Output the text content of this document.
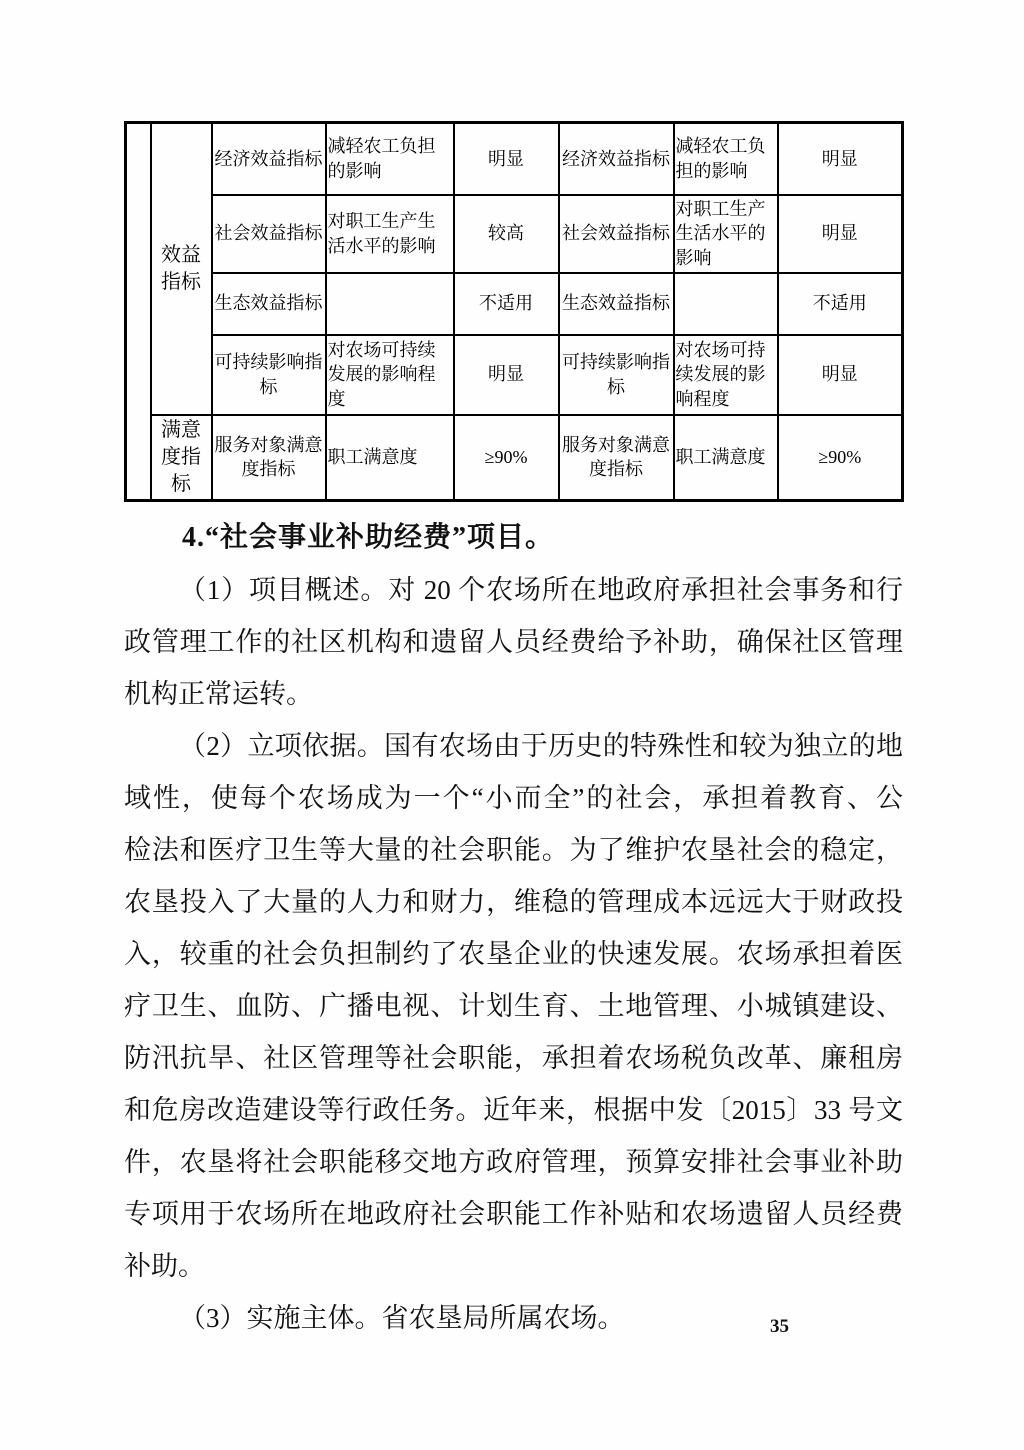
	效益指标	经济效益指标	减轻农工负担的影响	明显	经济效益指标	减轻农工负担的影响	明显
		社会效益指标	对职工生产生活水平的影响	较高	社会效益指标	对职工生产生活水平的影响	明显
		生态效益指标		不适用	生态效益指标		不适用
		可持续影响指标	对农场可持续发展的影响程度	明显	可持续影响指标	对农场可持续发展的影响程度	明显
	满意度指标	服务对象满意度指标	职工满意度	≥90%	服务对象满意度指标	职工满意度	≥90%
4.“社会事业补助经费”项目。
（1）项目概述。对 20 个农场所在地政府承担社会事务和行
政管理工作的社区机构和遗留人员经费给予补助，确保社区管理
机构正常运转。
（2）立项依据。国有农场由于历史的特殊性和较为独立的地
域性，使每个农场成为一个“小而全”的社会，承担着教育、公
检法和医疗卫生等大量的社会职能。为了维护农垦社会的稳定，
农垦投入了大量的人力和财力，维稳的管理成本远远大于财政投
入，较重的社会负担制约了农垦企业的快速发展。农场承担着医
疗卫生、血防、广播电视、计划生育、土地管理、小城镇建设、
防汛抗旱、社区管理等社会职能，承担着农场税负改革、廉租房
和危房改造建设等行政任务。近年来，根据中发〔2015〕33 号文
件，农垦将社会职能移交地方政府管理，预算安排社会事业补助
专项用于农场所在地政府社会职能工作补贴和农场遗留人员经费
补助。
（3）实施主体。省农垦局所属农场。	35
